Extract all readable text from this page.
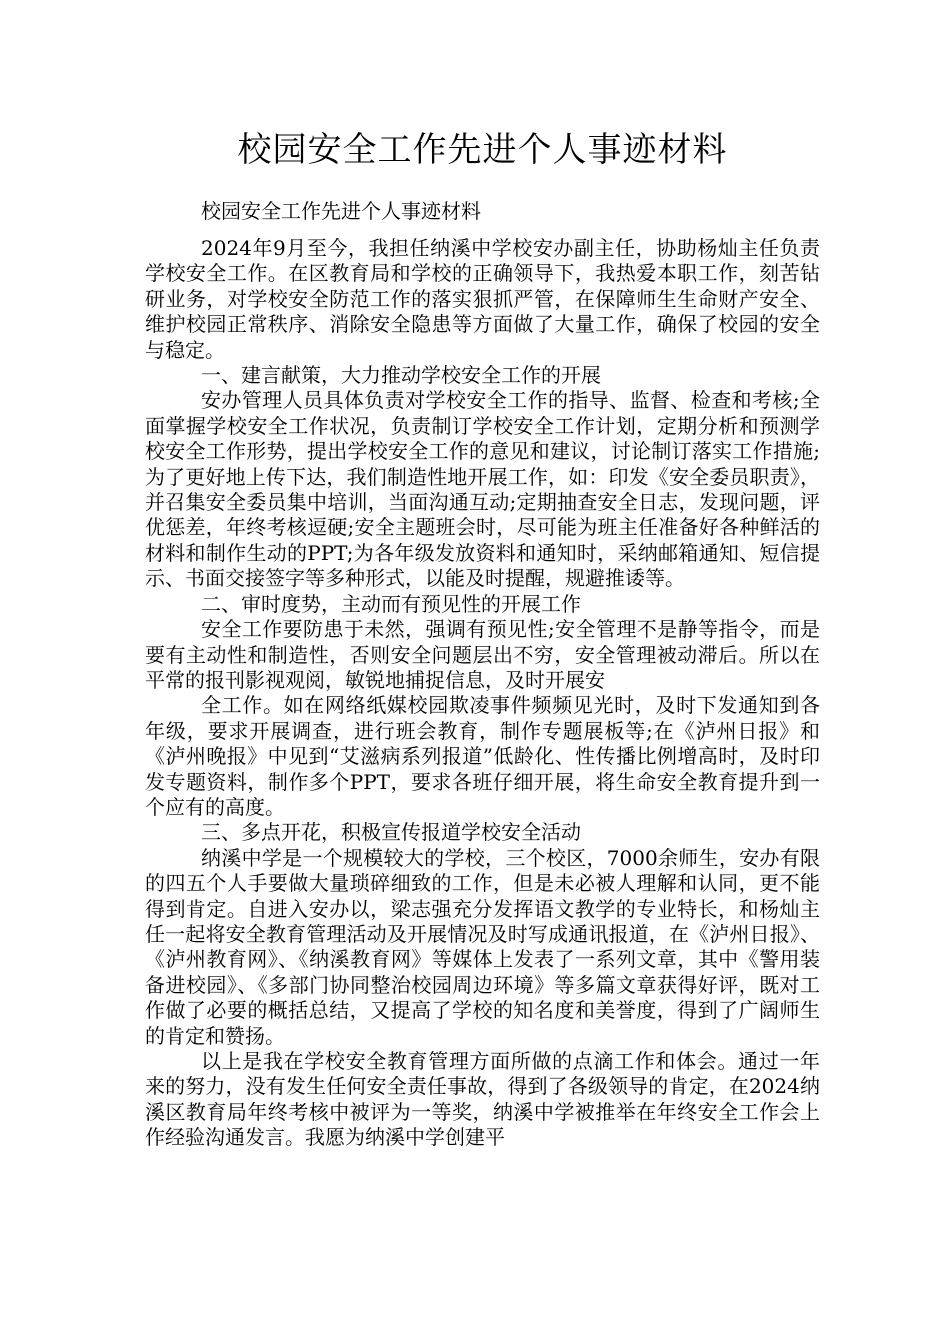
校园安全工作先进个人事迹材料
校园安全工作先进个人事迹材料

2024年9月至今，我担任纳溪中学校安办副主任，协助杨灿主任负责学校安全工作。在区教育局和学校的正确领导下，我热爱本职工作，刻苦钻研业务，对学校安全防范工作的落实狠抓严管，在保障师生生命财产安全、维护校园正常秩序、消除安全隐患等方面做了大量工作，确保了校园的安全与稳定。

一、建言献策，大力推动学校安全工作的开展

安办管理人员具体负责对学校安全工作的指导、监督、检查和考核;全面掌握学校安全工作状况，负责制订学校安全工作计划，定期分析和预测学校安全工作形势，提出学校安全工作的意见和建议，讨论制订落实工作措施;为了更好地上传下达，我们制造性地开展工作，如：印发《安全委员职责》，并召集安全委员集中培训，当面沟通互动;定期抽查安全日志，发现问题，评优惩差，年终考核逗硬;安全主题班会时，尽可能为班主任准备好各种鲜活的材料和制作生动的PPT;为各年级发放资料和通知时，采纳邮箱通知、短信提示、书面交接签字等多种形式，以能及时提醒，规避推诿等。

二、审时度势，主动而有预见性的开展工作

安全工作要防患于未然，强调有预见性;安全管理不是静等指令，而是要有主动性和制造性，否则安全问题层出不穷，安全管理被动滞后。所以在平常的报刊影视观阅，敏锐地捕捉信息，及时开展安

全工作。如在网络纸媒校园欺凌事件频频见光时，及时下发通知到各年级，要求开展调查，进行班会教育，制作专题展板等;在《泸州日报》和《泸州晚报》中见到“艾滋病系列报道”低龄化、性传播比例增高时，及时印发专题资料，制作多个PPT，要求各班仔细开展，将生命安全教育提升到一个应有的高度。

三、多点开花，积极宣传报道学校安全活动

纳溪中学是一个规模较大的学校，三个校区，7000余师生，安办有限的四五个人手要做大量琐碎细致的工作，但是未必被人理解和认同，更不能得到肯定。自进入安办以，梁志强充分发挥语文教学的专业特长，和杨灿主任一起将安全教育管理活动及开展情况及时写成通讯报道，在《泸州日报》、《泸州教育网》、《纳溪教育网》等媒体上发表了一系列文章，其中《警用装备进校园》、《多部门协同整治校园周边环境》等多篇文章获得好评，既对工作做了必要的概括总结，又提高了学校的知名度和美誉度，得到了广阔师生的肯定和赞扬。

以上是我在学校安全教育管理方面所做的点滴工作和体会。通过一年来的努力，没有发生任何安全责任事故，得到了各级领导的肯定，在2024纳溪区教育局年终考核中被评为一等奖，纳溪中学被推举在年终安全工作会上作经验沟通发言。我愿为纳溪中学创建平
